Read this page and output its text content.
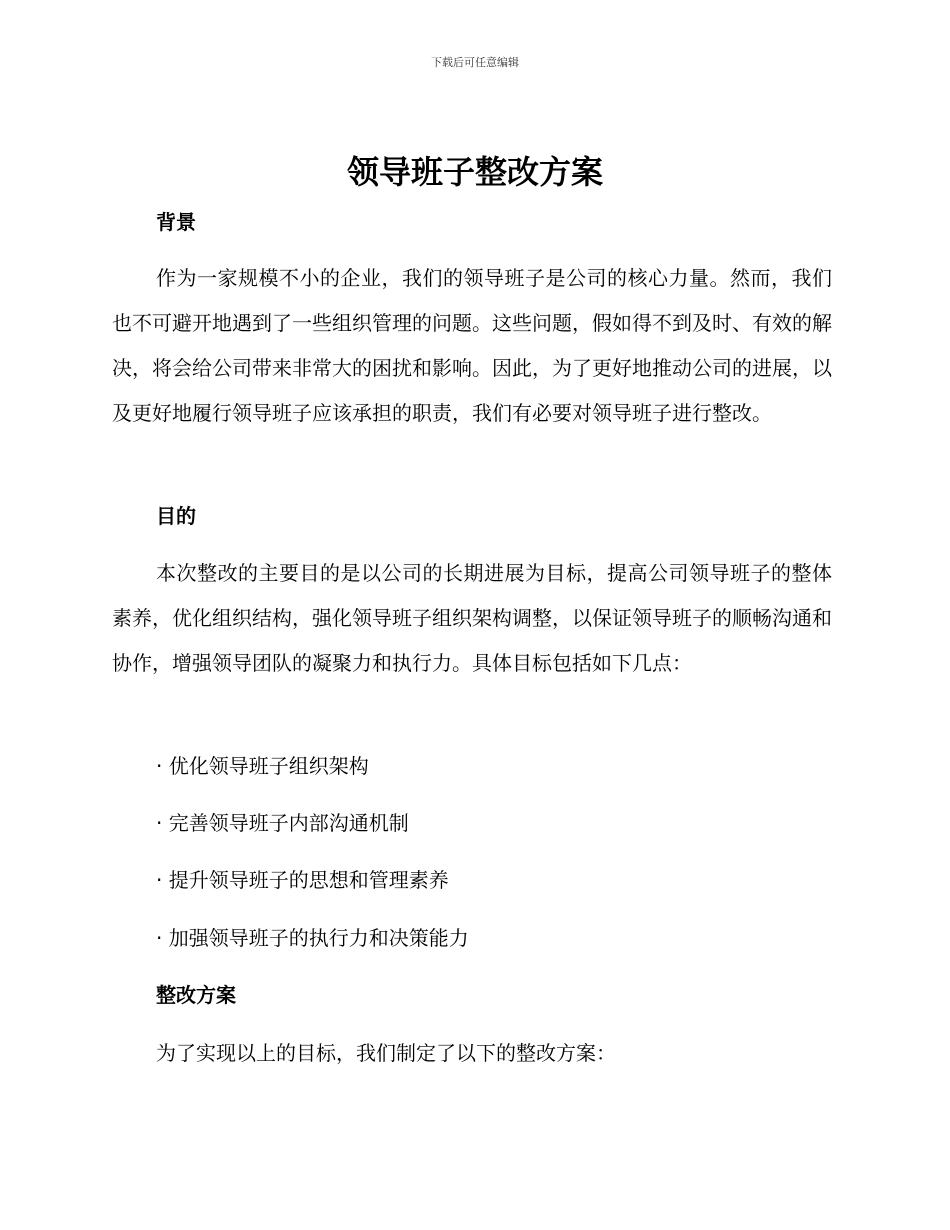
下载后可任意编辑
领导班子整改方案
背景
作为一家规模不小的企业，我们的领导班子是公司的核心力量。然而，我们也不可避开地遇到了一些组织管理的问题。这些问题，假如得不到及时、有效的解决，将会给公司带来非常大的困扰和影响。因此，为了更好地推动公司的进展，以及更好地履行领导班子应该承担的职责，我们有必要对领导班子进行整改。
目的
本次整改的主要目的是以公司的长期进展为目标，提高公司领导班子的整体素养，优化组织结构，强化领导班子组织架构调整，以保证领导班子的顺畅沟通和协作，增强领导团队的凝聚力和执行力。具体目标包括如下几点：
· 优化领导班子组织架构
· 完善领导班子内部沟通机制
· 提升领导班子的思想和管理素养
· 加强领导班子的执行力和决策能力
整改方案
为了实现以上的目标，我们制定了以下的整改方案：
